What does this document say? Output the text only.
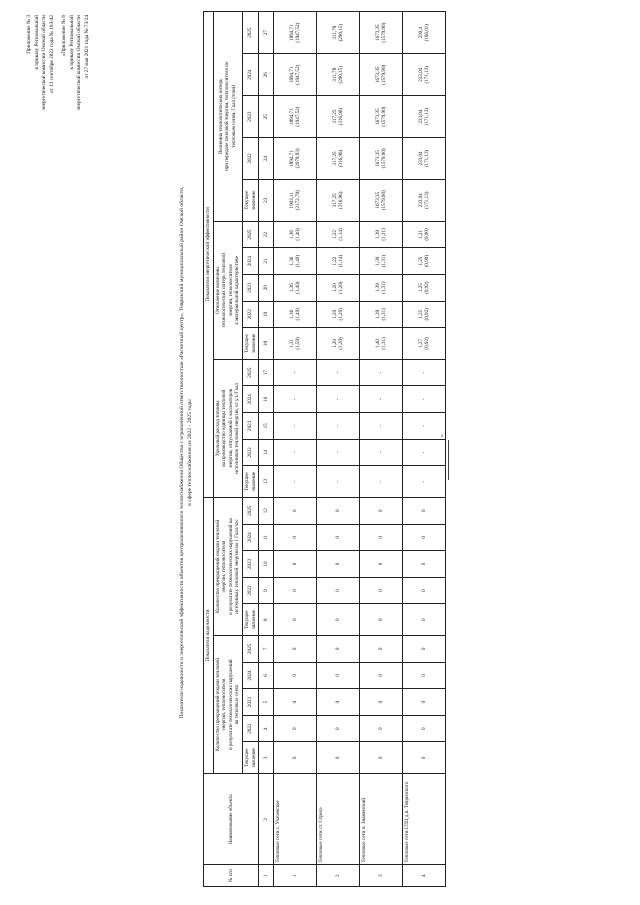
Приложение № 3 к приказу Региональной энергетической комиссии Омской области от 13 сентября 2022 года № 183/42	«Приложение № 6 к приказу Региональной энергетической комиссии Омской области от 27 мая 2021 года № 73/24
Показатели надежности и энергетической эффективности объектов централизованного теплоснабжения Общества с ограниченной ответственностью «Расчетный центр», Тевризский муниципальный район Омской области, в сфере теплоснабжения на 2022 - 2025 годы
№ п/п	Наименование объекта	Показатели надежности										Показатели энергетической эффективности														

		Количество прекращений подачи тепловой энергии, теплоносителя в результате технологических нарушений на тепловых сетях					Количество прекращений подачи тепловой энергии, теплоносителя в результате технологических нарушений на источниках тепловой энергии на 1 Гкал/час					Удельный расход топлива на производство единицы тепловой энергии, отпускаемой с коллекторов источников тепловой энергии, кг у.т./Гкал					Отношение величины технологических потерь тепловой энергии, теплоносителя к материальной характеристике					Величина технологических потерь при передаче тепловой энергии, теплоносителя по тепловым сетям, Гкал (тонн)				

		Текущее значение	2022	2023	2024	2025	Текущее значение	2022	2023	2024	2025	Текущее значение	2022	2023	2024	2025	Текущее значение	2022	2023	2024	2025	Текущее значение	2022	2023	2024	2025
1	2	3	4	5	6	7	8	9	10	11	12	13	14	15	16	17	18	19	20	21	22	23	24	25	26	27
1	Тепловые сети с. Ухачевское	0	0	0	0	0	0	0	0	0	0	-	-	-	-	-	1,31 (1,50)	1,36 (1,40)	1,36 (1,40)	1,36 (1,40)	1,36 (1,40)	1903,11 (2172,78)	1894,71 (2079,93)	1894,71 (1947,52)	1894,71 (1947,52)	1894,71 (1947,52)

2	Тепловые сети ст. Стрела	0	0	0	0	0	0	0	0	0	0	-	-	-	-	-	1,20 (1,20)	1,20 (1,20)	1,20 (1,20)	1,22 (1,14)	1,22 (1,14)	317,25 (316,96)	317,25 (316,96)	317,25 (316,96)	311,78 (290,15)	311,78 (290,15)

3	Тепловые сети п. Знаменский	0	0	0	0	0	0	0	0	0	0	-	-	-	-	-	1,40 (1,31)	1,39 (1,31)	1,39 (1,31)	1,39 (1,31)	1,39 (1,31)	1673,35 (1579,90)	1673,35 (1579,90)	1673,35 (1579,90)	1673,35 (1579,90)	1673,35 (1579,90)

4	Тепловые сети СПЦ д.п. Тевризского	0	0	0	0	0	0	0	0	0	0	-	-	-	-	-	1,27 (0,92)	1,25 (0,92)	1,25 (0,92)	1,25 (0,90)	1,21 (0,90)	233,04 (171,13)	233,04 (171,13)	233,04 (171,13)	233,04 (171,13)	230,4 (166,01)
»
